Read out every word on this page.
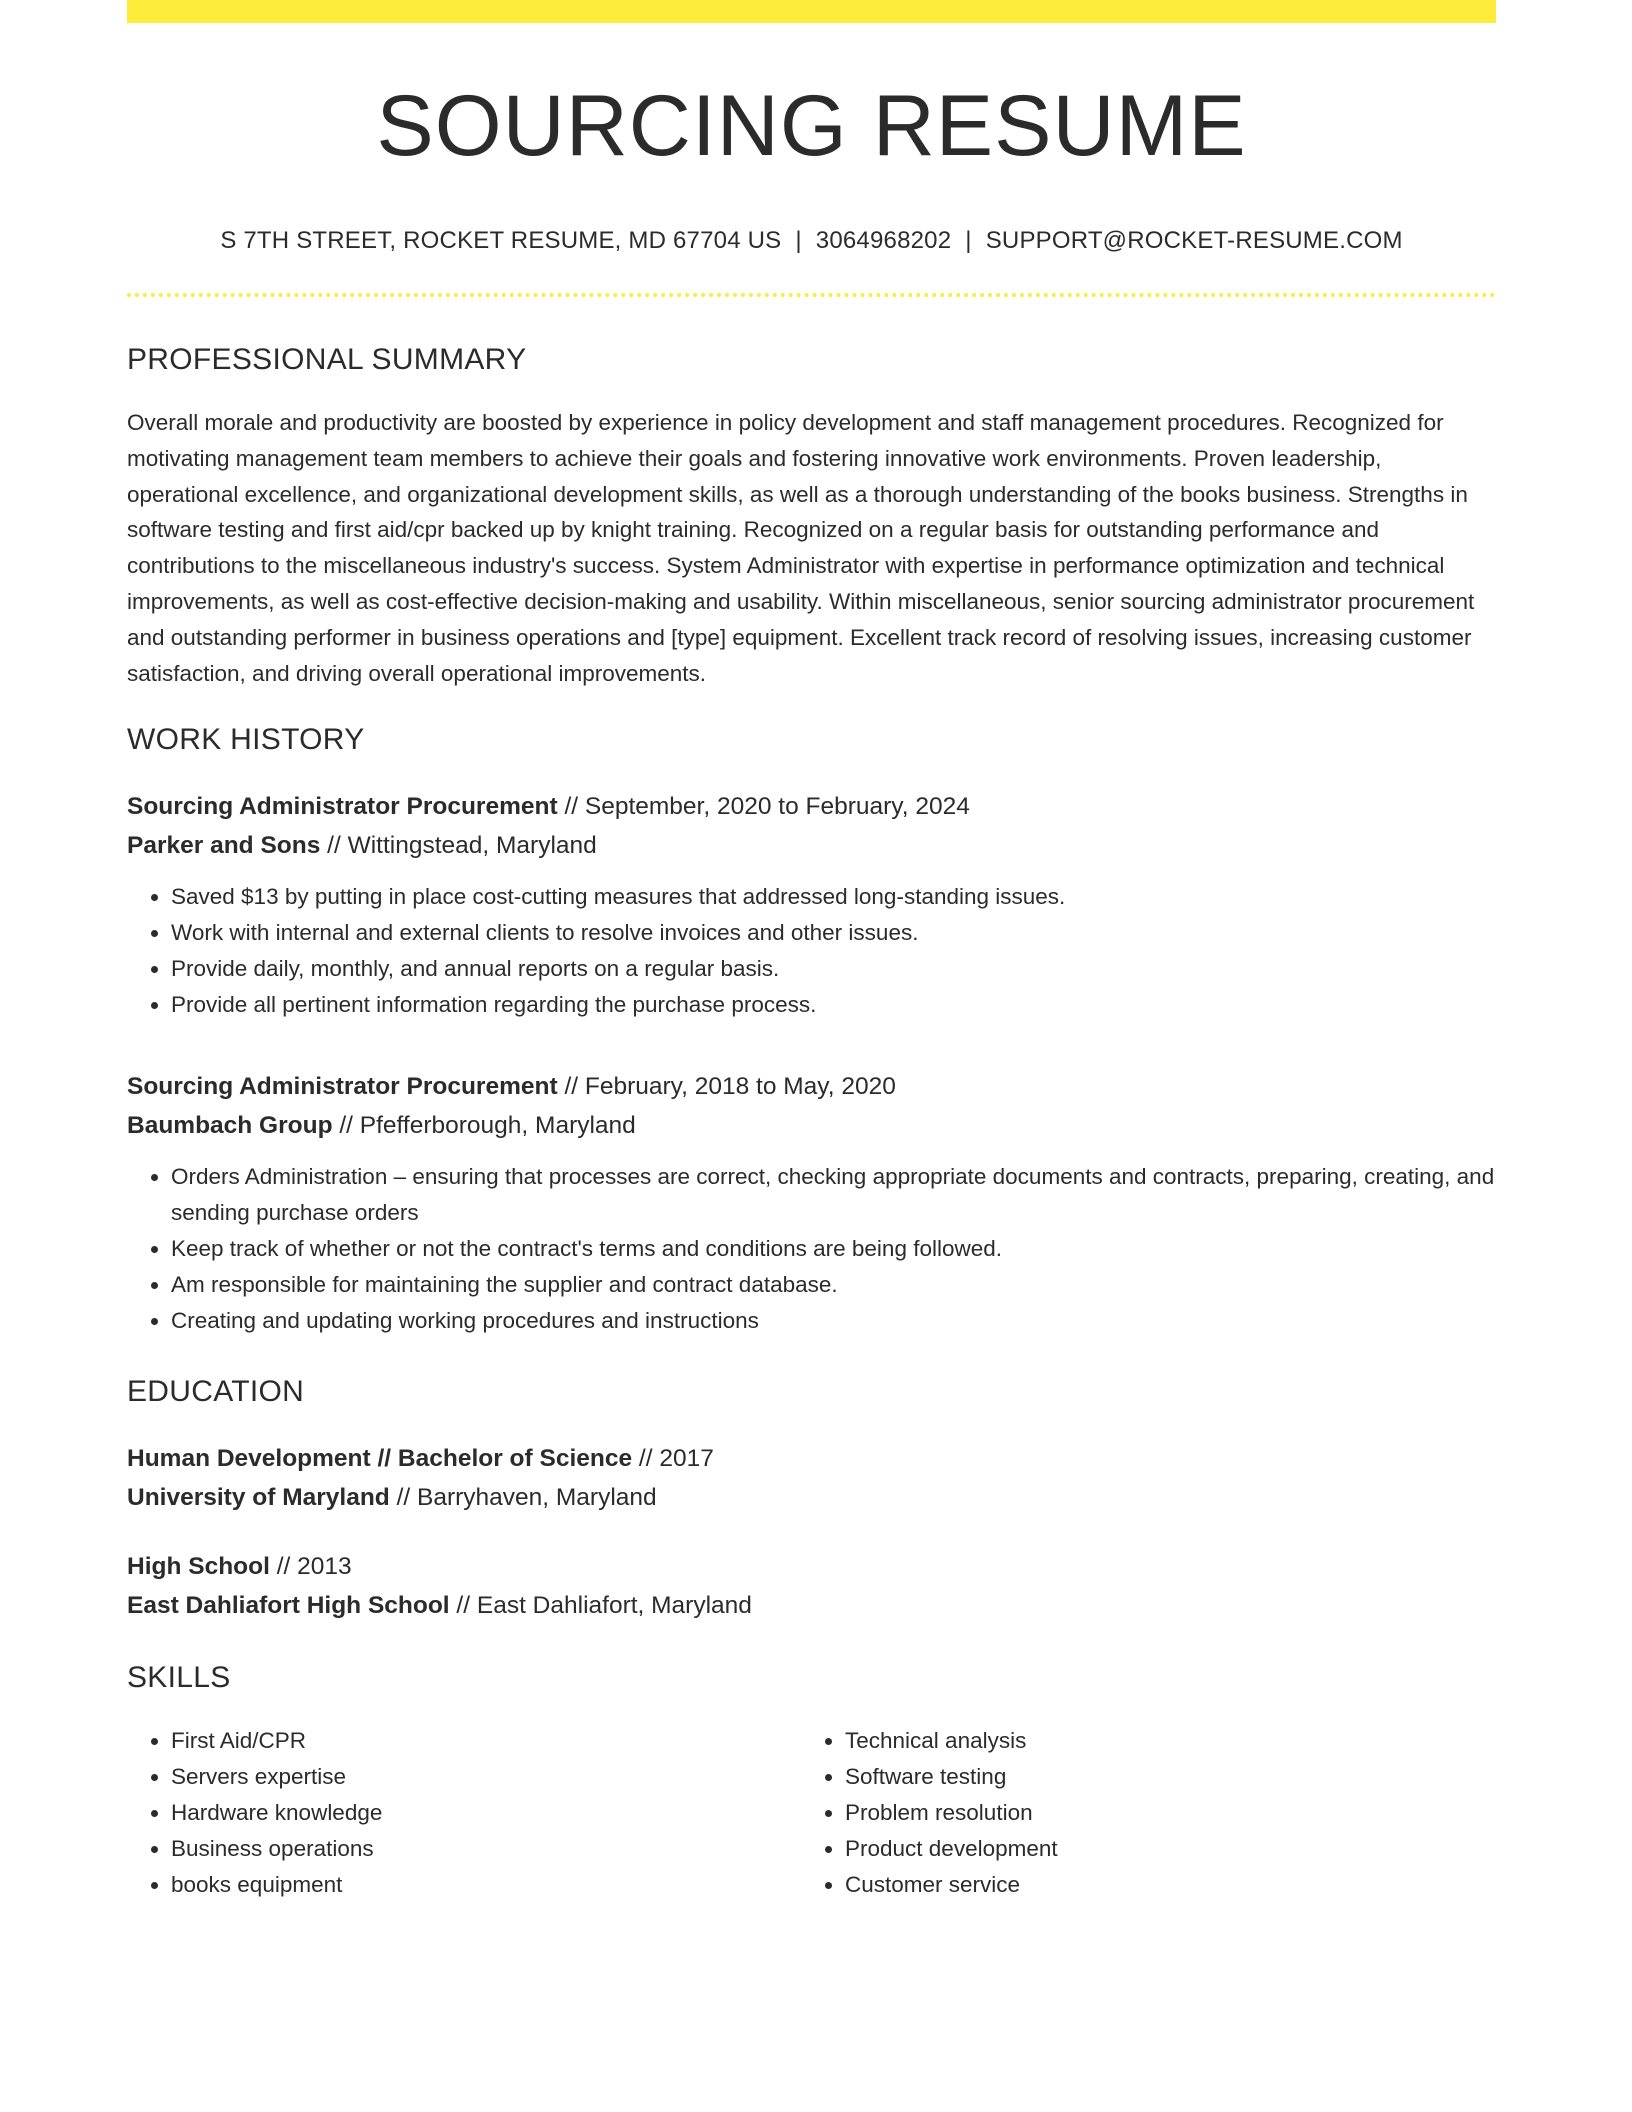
SOURCING RESUME
S 7TH STREET, ROCKET RESUME, MD 67704 US | 3064968202 | SUPPORT@ROCKET-RESUME.COM
PROFESSIONAL SUMMARY
Overall morale and productivity are boosted by experience in policy development and staff management procedures. Recognized for motivating management team members to achieve their goals and fostering innovative work environments. Proven leadership, operational excellence, and organizational development skills, as well as a thorough understanding of the books business. Strengths in software testing and first aid/cpr backed up by knight training. Recognized on a regular basis for outstanding performance and contributions to the miscellaneous industry's success. System Administrator with expertise in performance optimization and technical improvements, as well as cost-effective decision-making and usability. Within miscellaneous, senior sourcing administrator procurement and outstanding performer in business operations and [type] equipment. Excellent track record of resolving issues, increasing customer satisfaction, and driving overall operational improvements.
WORK HISTORY
Sourcing Administrator Procurement // September, 2020 to February, 2024
Parker and Sons // Wittingstead, Maryland
• Saved $13 by putting in place cost-cutting measures that addressed long-standing issues.
• Work with internal and external clients to resolve invoices and other issues.
• Provide daily, monthly, and annual reports on a regular basis.
• Provide all pertinent information regarding the purchase process.
Sourcing Administrator Procurement // February, 2018 to May, 2020
Baumbach Group // Pfefferborough, Maryland
• Orders Administration – ensuring that processes are correct, checking appropriate documents and contracts, preparing, creating, and sending purchase orders
• Keep track of whether or not the contract's terms and conditions are being followed.
• Am responsible for maintaining the supplier and contract database.
• Creating and updating working procedures and instructions
EDUCATION
Human Development // Bachelor of Science // 2017
University of Maryland // Barryhaven, Maryland
High School // 2013
East Dahliafort High School // East Dahliafort, Maryland
SKILLS
• First Aid/CPR
• Servers expertise
• Hardware knowledge
• Business operations
• books equipment
• Technical analysis
• Software testing
• Problem resolution
• Product development
• Customer service
